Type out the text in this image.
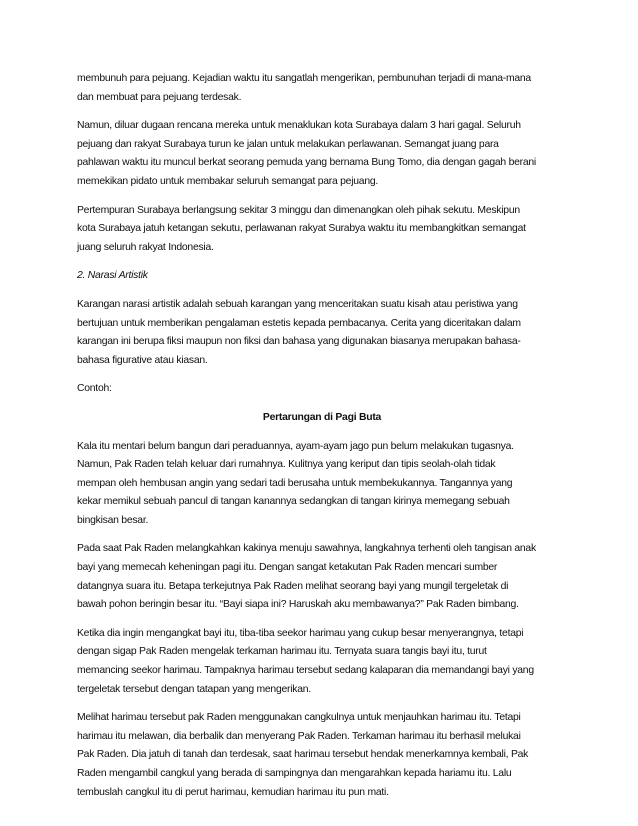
membunuh para pejuang. Kejadian waktu itu sangatlah mengerikan, pembunuhan terjadi di mana-mana
dan membuat para pejuang terdesak.

Namun, diluar dugaan rencana mereka untuk menaklukan kota Surabaya dalam 3 hari gagal. Seluruh
pejuang dan rakyat Surabaya turun ke jalan untuk melakukan perlawanan. Semangat juang para
pahlawan waktu itu muncul berkat seorang pemuda yang bernama Bung Tomo, dia dengan gagah berani
memekikan pidato untuk membakar seluruh semangat para pejuang.

Pertempuran Surabaya berlangsung sekitar 3 minggu dan dimenangkan oleh pihak sekutu. Meskipun
kota Surabaya jatuh ketangan sekutu, perlawanan rakyat Surabya waktu itu membangkitkan semangat
juang seluruh rakyat Indonesia.

2. Narasi Artistik

Karangan narasi artistik adalah sebuah karangan yang menceritakan suatu kisah atau peristiwa yang
bertujuan untuk memberikan pengalaman estetis kepada pembacanya. Cerita yang diceritakan dalam
karangan ini berupa fiksi maupun non fiksi dan bahasa yang digunakan biasanya merupakan bahasa-
bahasa figurative atau kiasan.

Contoh:

Pertarungan di Pagi Buta

Kala itu mentari belum bangun dari peraduannya, ayam-ayam jago pun belum melakukan tugasnya.
Namun, Pak Raden telah keluar dari rumahnya. Kulitnya yang keriput dan tipis seolah-olah tidak
mempan oleh hembusan angin yang sedari tadi berusaha untuk membekukannya. Tangannya yang
kekar memikul sebuah pancul di tangan kanannya sedangkan di tangan kirinya memegang sebuah
bingkisan besar.

Pada saat Pak Raden melangkahkan kakinya menuju sawahnya, langkahnya terhenti oleh tangisan anak
bayi yang memecah keheningan pagi itu. Dengan sangat ketakutan Pak Raden mencari sumber
datangnya suara itu. Betapa terkejutnya Pak Raden melihat seorang bayi yang mungil tergeletak di
bawah pohon beringin besar itu. “Bayi siapa ini? Haruskah aku membawanya?” Pak Raden bimbang.

Ketika dia ingin mengangkat bayi itu, tiba-tiba seekor harimau yang cukup besar menyerangnya, tetapi
dengan sigap Pak Raden mengelak terkaman harimau itu. Ternyata suara tangis bayi itu, turut
memancing seekor harimau. Tampaknya harimau tersebut sedang kalaparan dia memandangi bayi yang
tergeletak tersebut dengan tatapan yang mengerikan.

Melihat harimau tersebut pak Raden menggunakan cangkulnya untuk menjauhkan harimau itu. Tetapi
harimau itu melawan, dia berbalik dan menyerang Pak Raden. Terkaman harimau itu berhasil melukai
Pak Raden. Dia jatuh di tanah dan terdesak, saat harimau tersebut hendak menerkamnya kembali, Pak
Raden mengambil cangkul yang berada di sampingnya dan mengarahkan kepada hariamu itu. Lalu
tembuslah cangkul itu di perut harimau, kemudian harimau itu pun mati.
